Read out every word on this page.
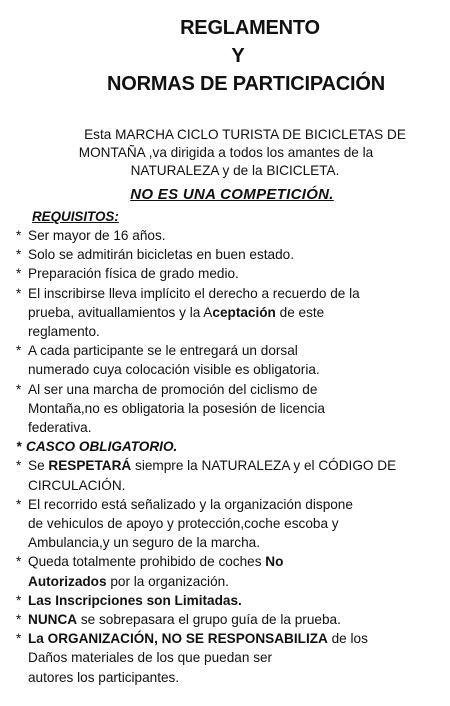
REGLAMENTO
Y
NORMAS DE PARTICIPACIÓN
Esta MARCHA CICLO TURISTA DE BICICLETAS DE
MONTAÑA ,va dirigida a todos los amantes de la
NATURALEZA y de la BICICLETA.
NO ES UNA COMPETICIÓN.
REQUISITOS:
* Ser mayor de 16 años.
* Solo se admitirán bicicletas en buen estado.
* Preparación física de grado medio.
* El inscribirse lleva implícito el derecho a recuerdo de la
prueba, avituallamientos y la Aceptación de este
reglamento.
* A cada participante se le entregará un dorsal
numerado cuya colocación visible es obligatoria.
* Al ser una marcha de promoción del ciclismo de
Montaña,no es obligatoria la posesión de licencia
federativa.
* CASCO OBLIGATORIO.
* Se RESPETARÁ siempre la NATURALEZA y el CÓDIGO DE
CIRCULACIÓN.
* El recorrido está señalizado y la organización dispone
de vehiculos de apoyo y protección,coche escoba y
Ambulancia,y un seguro de la marcha.
* Queda totalmente prohibido de coches No
Autorizados por la organización.
* Las Inscripciones son Limitadas.
* NUNCA se sobrepasara el grupo guía de la prueba.
* La ORGANIZACIÓN, NO SE RESPONSABILIZA de los
Daños materiales de los que puedan ser
autores los participantes.
